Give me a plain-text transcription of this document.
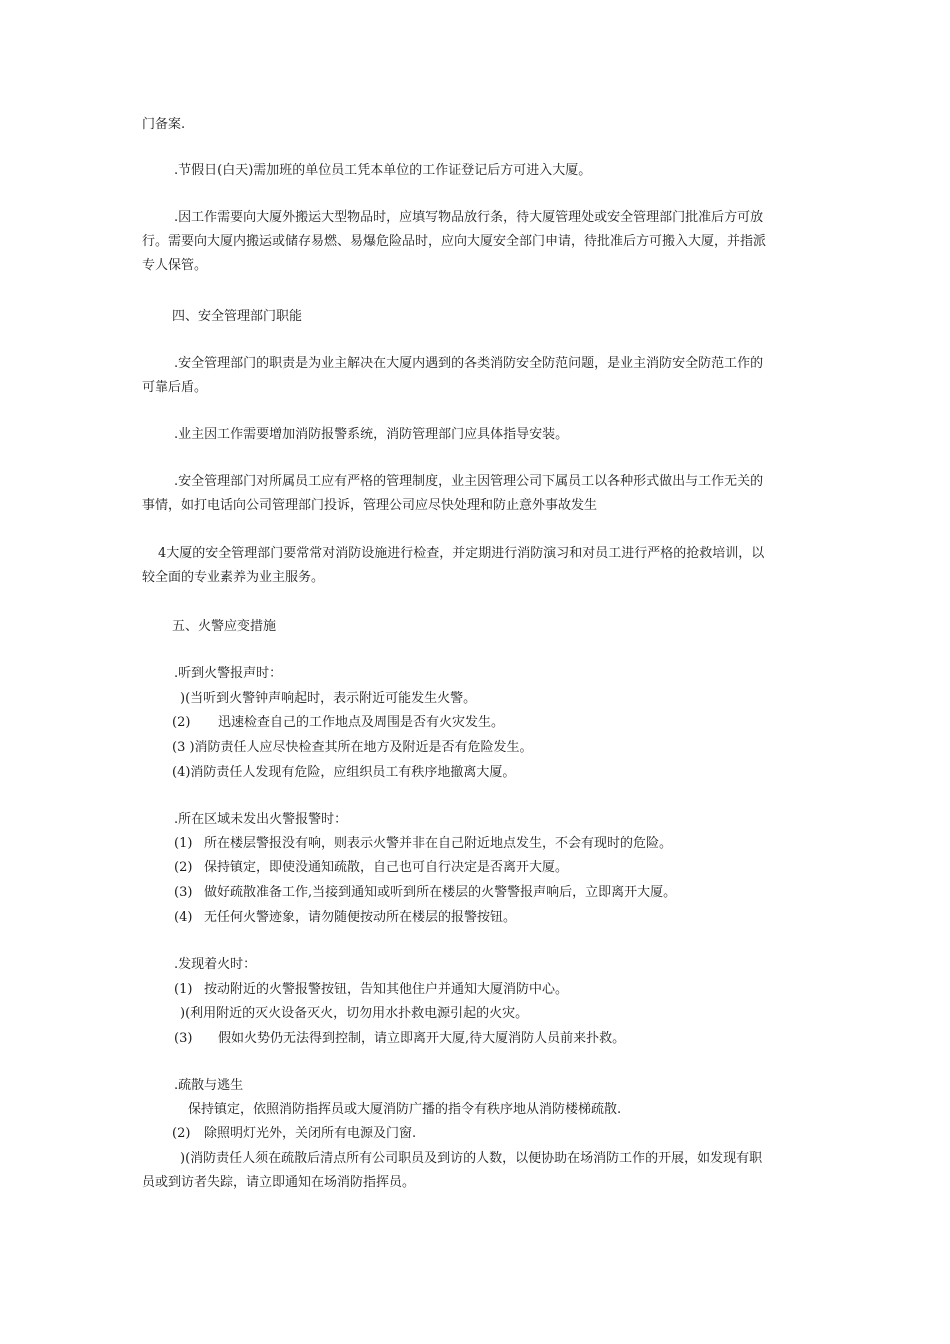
门备案.
.节假日(白天)需加班的单位员工凭本单位的工作证登记后方可进入大厦。

.因工作需要向大厦外搬运大型物品时，应填写物品放行条，待大厦管理处或安全管理部门批准后方可放

行。需要向大厦内搬运或储存易燃、易爆危险品时，应向大厦安全部门申请，待批准后方可搬入大厦，并指派

专人保管。

四、安全管理部门职能

.安全管理部门的职责是为业主解决在大厦内遇到的各类消防安全防范问题，是业主消防安全防范工作的

可靠后盾。

.业主因工作需要增加消防报警系统，消防管理部门应具体指导安装。

.安全管理部门对所属员工应有严格的管理制度，业主因管理公司下属员工以各种形式做出与工作无关的

事情，如打电话向公司管理部门投诉，管理公司应尽快处理和防止意外事故发生

4大厦的安全管理部门要常常对消防设施进行检查，并定期进行消防演习和对员工进行严格的抢救培训，以

较全面的专业素养为业主服务。

五、火警应变措施
.听到火警报声时：
)(当听到火警钟声响起时，表示附近可能发生火警。
(2) 迅速检查自己的工作地点及周围是否有火灾发生。
(3 )消防责任人应尽快检查其所在地方及附近是否有危险发生。
(4)消防责任人发现有危险，应组织员工有秩序地撤离大厦。
.所在区域未发出火警报警时：
(1) 所在楼层警报没有响，则表示火警并非在自己附近地点发生，不会有现时的危险。
(2) 保持镇定，即使没通知疏散，自己也可自行决定是否离开大厦。
(3) 做好疏散准备工作,当接到通知或听到所在楼层的火警警报声响后，立即离开大厦。
(4) 无任何火警迹象，请勿随便按动所在楼层的报警按钮。
.发现着火时：
(1) 按动附近的火警报警按钮，告知其他住户并通知大厦消防中心。
)(利用附近的灭火设备灭火，切勿用水扑救电源引起的火灾。
(3) 假如火势仍无法得到控制，请立即离开大厦,待大厦消防人员前来扑救。
.疏散与逃生
保持镇定，依照消防指挥员或大厦消防广播的指令有秩序地从消防楼梯疏散.
(2) 除照明灯光外，关闭所有电源及门窗.

)(消防责任人须在疏散后清点所有公司职员及到访的人数，以便协助在场消防工作的开展，如发现有职

员或到访者失踪，请立即通知在场消防指挥员。
